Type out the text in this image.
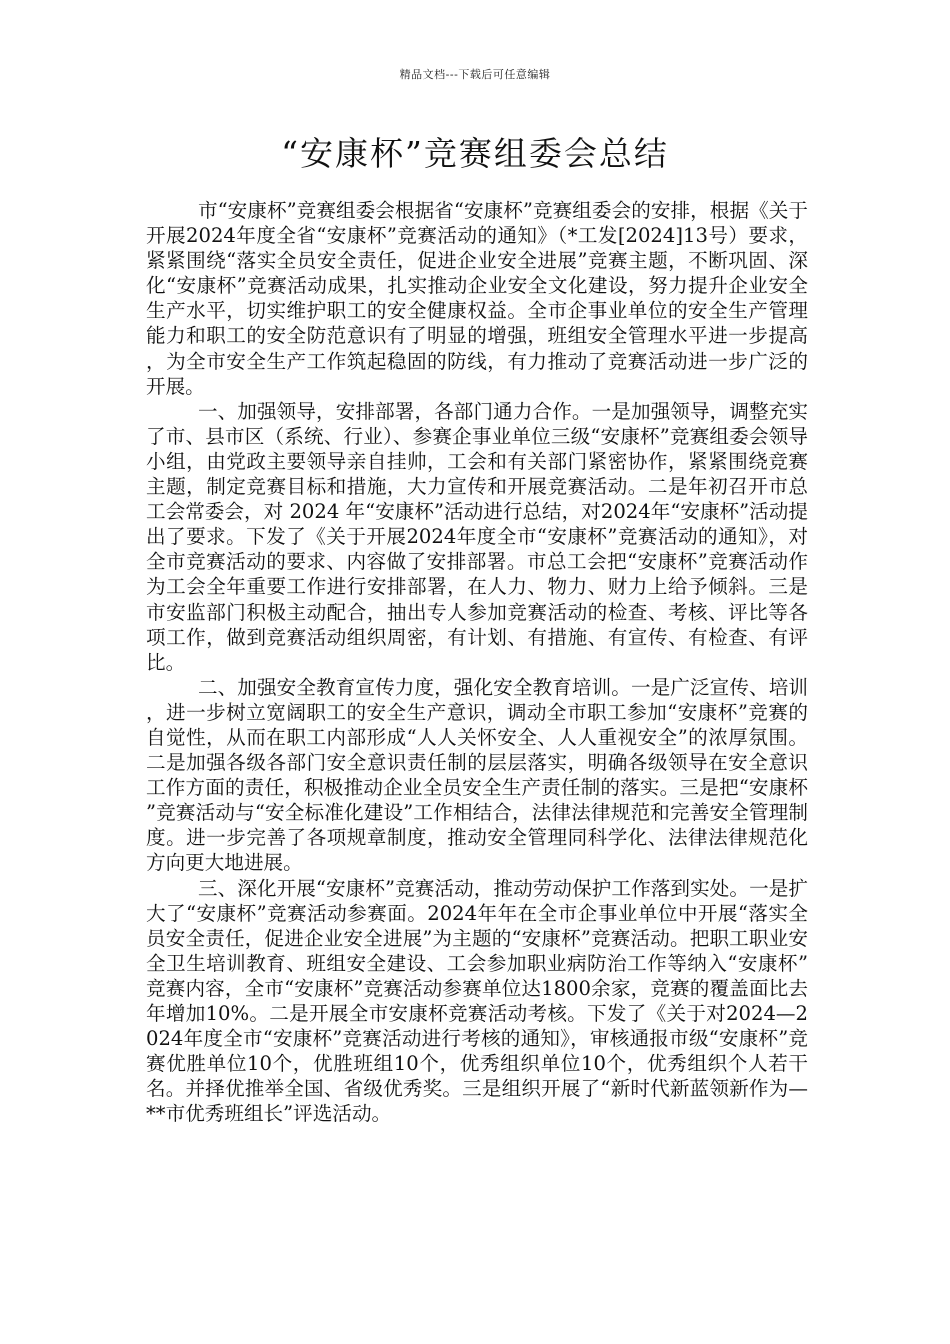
精品文档---下载后可任意编辑
“安康杯”竞赛组委会总结

市“安康杯”竞赛组委会根据省“安康杯”竞赛组委会的安排，根据《关于开展2024年度全省“安康杯”竞赛活动的通知》（*工发[2024]13号）要求，紧紧围绕“落实全员安全责任，促进企业安全进展”竞赛主题，不断巩固、深化“安康杯”竞赛活动成果，扎实推动企业安全文化建设，努力提升企业安全生产水平，切实维护职工的安全健康权益。全市企事业单位的安全生产管理能力和职工的安全防范意识有了明显的增强，班组安全管理水平进一步提高，为全市安全生产工作筑起稳固的防线，有力推动了竞赛活动进一步广泛的开展。

一、加强领导，安排部署，各部门通力合作。一是加强领导，调整充实了市、县市区（系统、行业）、参赛企事业单位三级“安康杯”竞赛组委会领导小组，由党政主要领导亲自挂帅，工会和有关部门紧密协作，紧紧围绕竞赛主题，制定竞赛目标和措施，大力宣传和开展竞赛活动。二是年初召开市总工会常委会，对 2024 年“安康杯”活动进行总结，对2024年“安康杯”活动提出了要求。下发了《关于开展2024年度全市“安康杯”竞赛活动的通知》，对全市竞赛活动的要求、内容做了安排部署。市总工会把“安康杯”竞赛活动作为工会全年重要工作进行安排部署，在人力、物力、财力上给予倾斜。三是市安监部门积极主动配合，抽出专人参加竞赛活动的检查、考核、评比等各项工作，做到竞赛活动组织周密，有计划、有措施、有宣传、有检查、有评比。

二、加强安全教育宣传力度，强化安全教育培训。一是广泛宣传、培训，进一步树立宽阔职工的安全生产意识，调动全市职工参加“安康杯”竞赛的自觉性，从而在职工内部形成“人人关怀安全、人人重视安全”的浓厚氛围。二是加强各级各部门安全意识责任制的层层落实，明确各级领导在安全意识工作方面的责任，积极推动企业全员安全生产责任制的落实。三是把“安康杯”竞赛活动与“安全标准化建设”工作相结合，法律法律规范和完善安全管理制度。进一步完善了各项规章制度，推动安全管理同科学化、法律法律规范化方向更大地进展。

三、深化开展“安康杯”竞赛活动，推动劳动保护工作落到实处。一是扩大了“安康杯”竞赛活动参赛面。2024年年在全市企事业单位中开展“落实全员安全责任，促进企业安全进展”为主题的“安康杯”竞赛活动。把职工职业安全卫生培训教育、班组安全建设、工会参加职业病防治工作等纳入“安康杯”竞赛内容，全市“安康杯”竞赛活动参赛单位达1800余家，竞赛的覆盖面比去年增加10%。二是开展全市安康杯竞赛活动考核。下发了《关于对2024—2024年度全市“安康杯”竞赛活动进行考核的通知》，审核通报市级“安康杯”竞赛优胜单位10个，优胜班组10个，优秀组织单位10个，优秀组织个人若干名。并择优推举全国、省级优秀奖。三是组织开展了“新时代新蓝领新作为—**市优秀班组长”评选活动。
